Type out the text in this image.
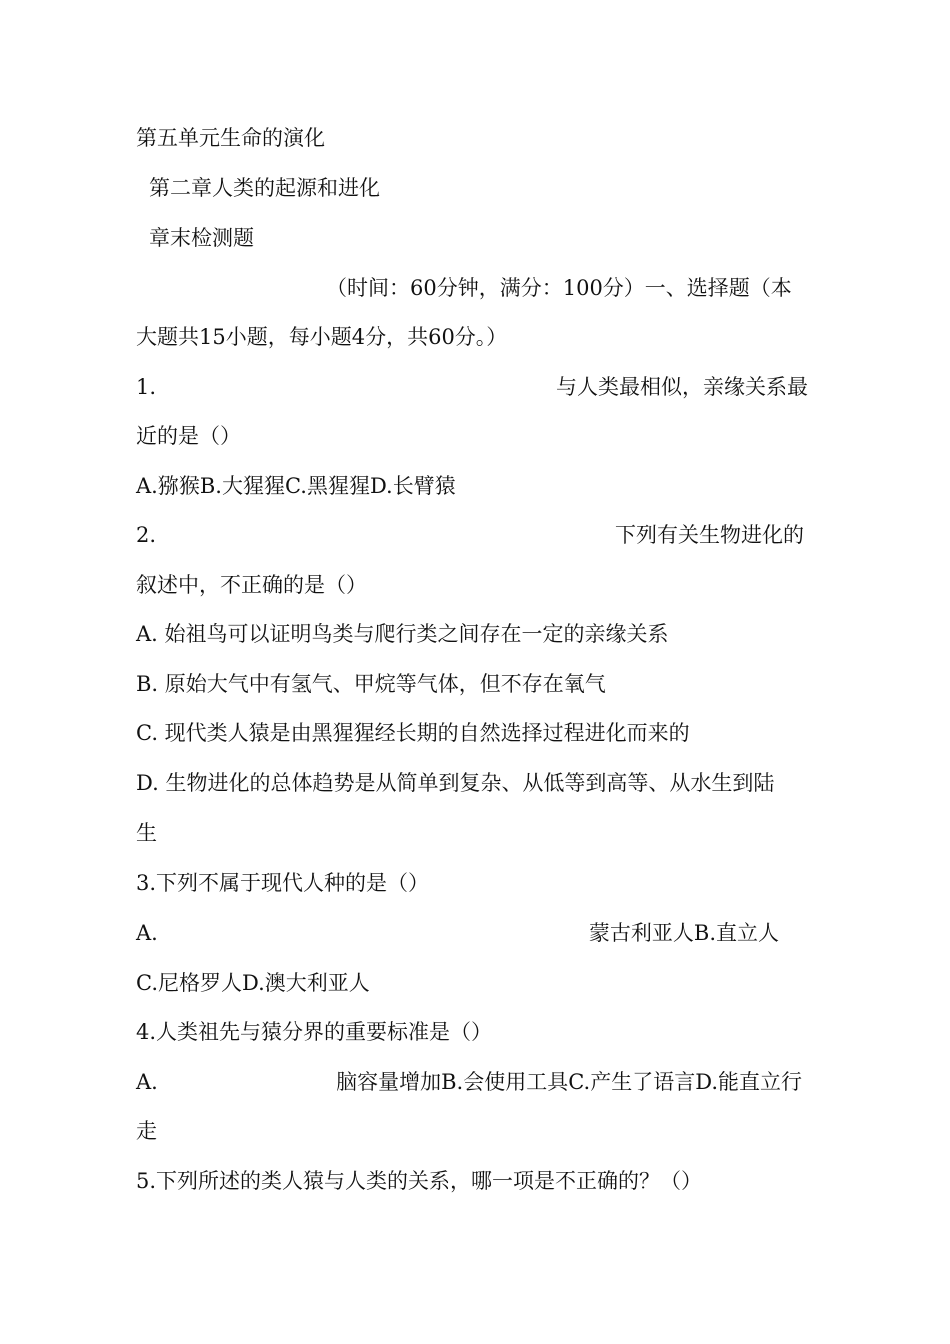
第五单元生命的演化
第二章人类的起源和进化
章末检测题
（时间：60分钟，满分：100分）一、选择题（本
大题共15小题，每小题4分，共60分。）
1.	与人类最相似，亲缘关系最
近的是（）
A.猕猴B.大猩猩C.黑猩猩D.长臂猿
2.	下列有关生物进化的
叙述中，不正确的是（）
A. 始祖鸟可以证明鸟类与爬行类之间存在一定的亲缘关系
B. 原始大气中有氢气、甲烷等气体，但不存在氧气
C. 现代类人猿是由黑猩猩经长期的自然选择过程进化而来的
D. 生物进化的总体趋势是从简单到复杂、从低等到高等、从水生到陆
生
3.下列不属于现代人种的是（）
A.	蒙古利亚人B.直立人
C.尼格罗人D.澳大利亚人
4.人类祖先与猿分界的重要标准是（）
A.	脑容量增加B.会使用工具C.产生了语言D.能直立行
走
5.下列所述的类人猿与人类的关系，哪一项是不正确的？（）
